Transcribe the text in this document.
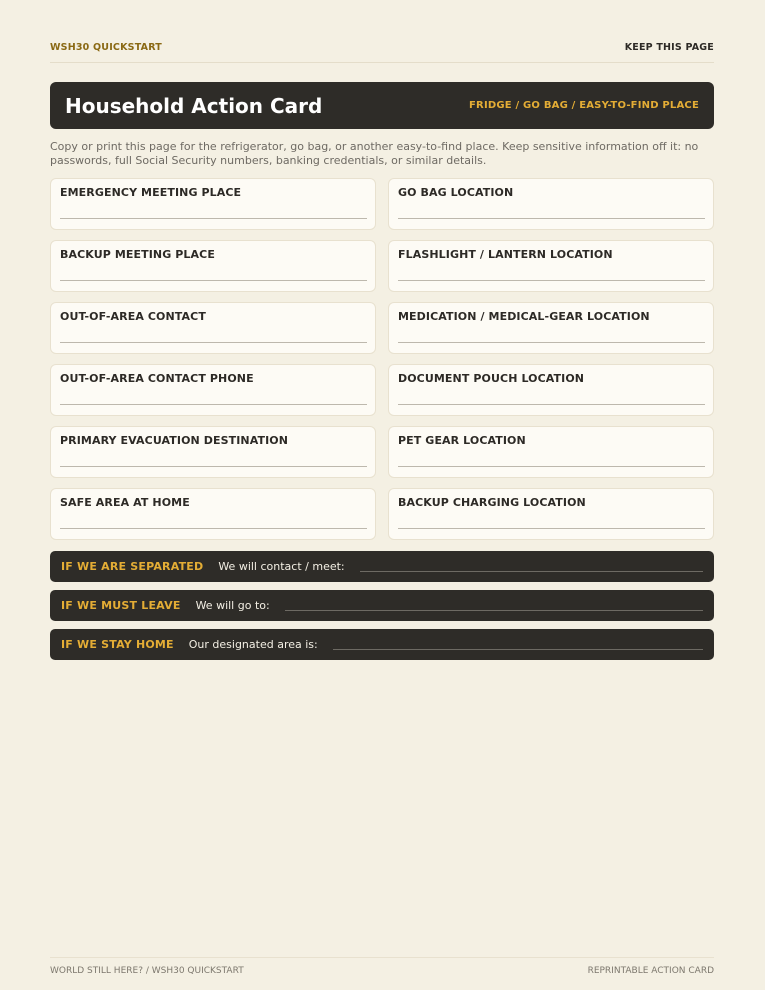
WSH30 QUICKSTART	KEEP THIS PAGE
Household Action Card	FRIDGE / GO BAG / EASY-TO-FIND PLACE
Copy or print this page for the refrigerator, go bag, or another easy-to-find place. Keep sensitive information off it: no passwords, full Social Security numbers, banking credentials, or similar details.
EMERGENCY MEETING PLACE	GO BAG LOCATION
BACKUP MEETING PLACE	FLASHLIGHT / LANTERN LOCATION
OUT-OF-AREA CONTACT	MEDICATION / MEDICAL-GEAR LOCATION
OUT-OF-AREA CONTACT PHONE	DOCUMENT POUCH LOCATION
PRIMARY EVACUATION DESTINATION	PET GEAR LOCATION
SAFE AREA AT HOME	BACKUP CHARGING LOCATION
IF WE ARE SEPARATED We will contact / meet:
IF WE MUST LEAVE We will go to:
IF WE STAY HOME Our designated area is:
WORLD STILL HERE? / WSH30 QUICKSTART	REPRINTABLE ACTION CARD
